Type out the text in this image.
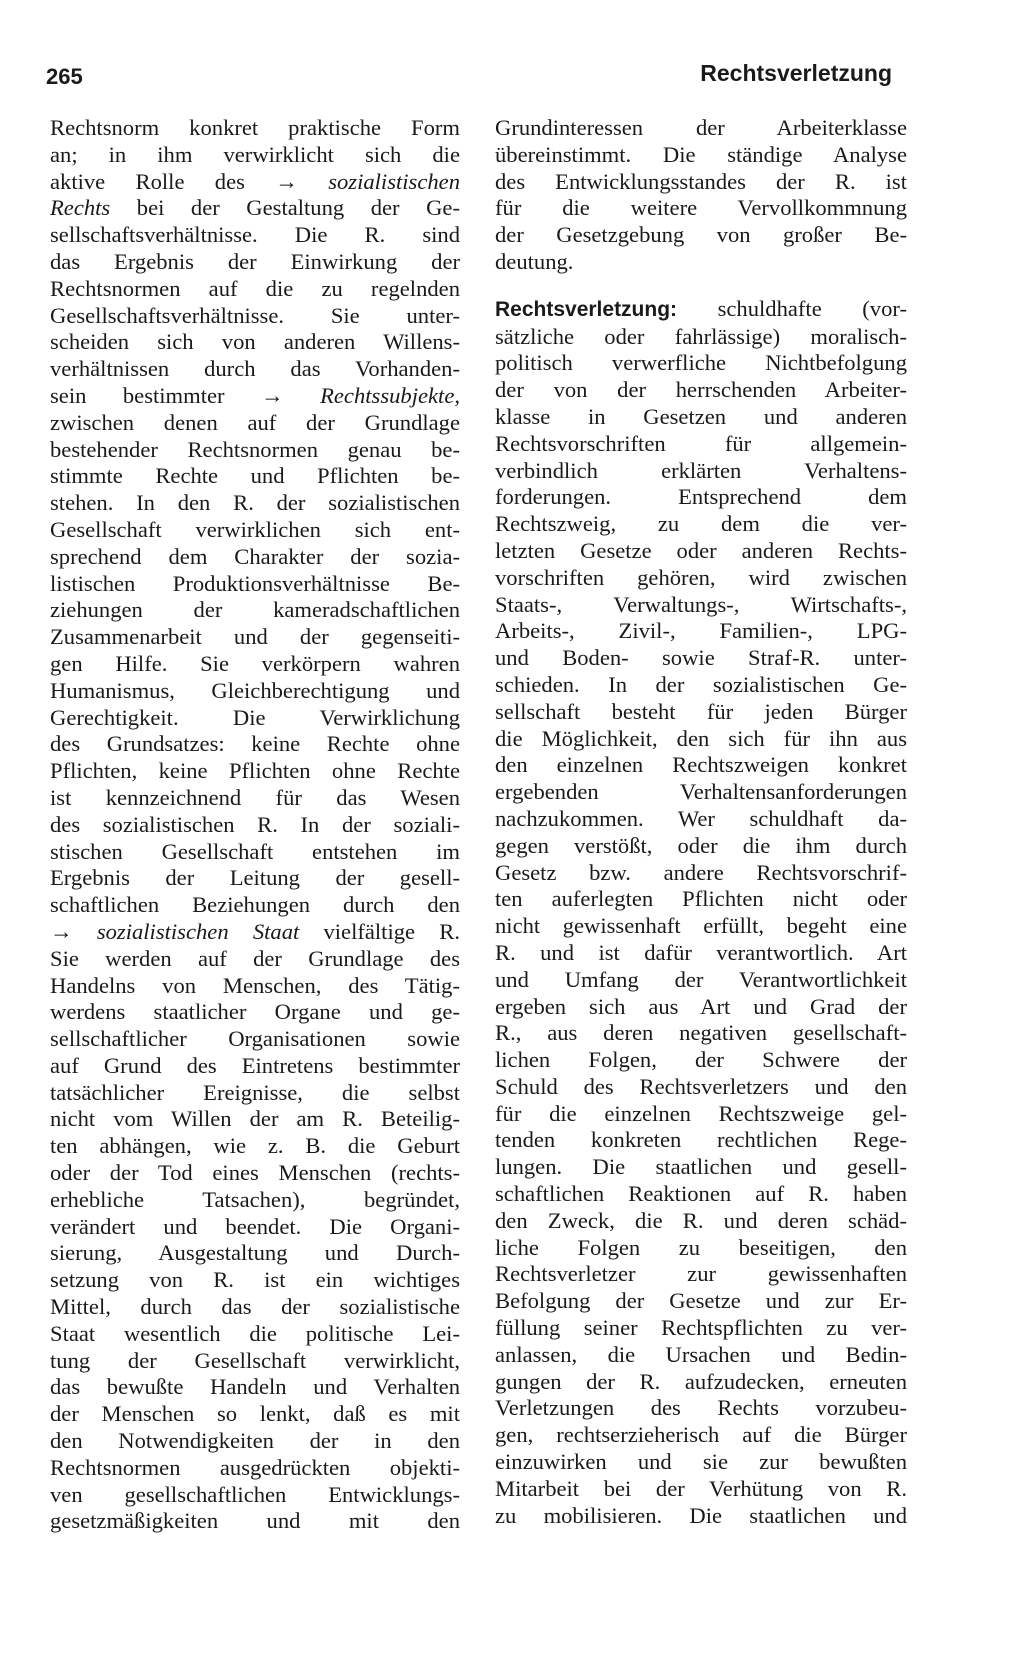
265	Rechtsverletzung

Rechtsnorm konkret praktische Form
an; in ihm verwirklicht sich die
aktive Rolle des → sozialistischen
Rechts bei der Gestaltung der Ge-
sellschaftsverhältnisse. Die R. sind
das Ergebnis der Einwirkung der
Rechtsnormen auf die zu regelnden
Gesellschaftsverhältnisse. Sie unter-
scheiden sich von anderen Willens-
verhältnissen durch das Vorhanden-
sein bestimmter → Rechtssubjekte,
zwischen denen auf der Grundlage
bestehender Rechtsnormen genau be-
stimmte Rechte und Pflichten be-
stehen. In den R. der sozialistischen
Gesellschaft verwirklichen sich ent-
sprechend dem Charakter der sozia-
listischen Produktionsverhältnisse Be-
ziehungen der kameradschaftlichen
Zusammenarbeit und der gegenseiti-
gen Hilfe. Sie verkörpern wahren
Humanismus, Gleichberechtigung und
Gerechtigkeit. Die Verwirklichung
des Grundsatzes: keine Rechte ohne
Pflichten, keine Pflichten ohne Rechte
ist kennzeichnend für das Wesen
des sozialistischen R. In der soziali-
stischen Gesellschaft entstehen im
Ergebnis der Leitung der gesell-
schaftlichen Beziehungen durch den
→ sozialistischen Staat vielfältige R.
Sie werden auf der Grundlage des
Handelns von Menschen, des Tätig-
werdens staatlicher Organe und ge-
sellschaftlicher Organisationen sowie
auf Grund des Eintretens bestimmter
tatsächlicher Ereignisse, die selbst
nicht vom Willen der am R. Beteilig-
ten abhängen, wie z. B. die Geburt
oder der Tod eines Menschen (rechts-
erhebliche Tatsachen), begründet,
verändert und beendet. Die Organi-
sierung, Ausgestaltung und Durch-
setzung von R. ist ein wichtiges
Mittel, durch das der sozialistische
Staat wesentlich die politische Lei-
tung der Gesellschaft verwirklicht,
das bewußte Handeln und Verhalten
der Menschen so lenkt, daß es mit
den Notwendigkeiten der in den
Rechtsnormen ausgedrückten objekti-
ven gesellschaftlichen Entwicklungs-
gesetzmäßigkeiten und mit den
Grundinteressen der Arbeiterklasse
übereinstimmt. Die ständige Analyse
des Entwicklungsstandes der R. ist
für die weitere Vervollkommnung
der Gesetzgebung von großer Be-
deutung.
Rechtsverletzung: schuldhafte (vor-
sätzliche oder fahrlässige) moralisch-
politisch verwerfliche Nichtbefolgung
der von der herrschenden Arbeiter-
klasse in Gesetzen und anderen
Rechtsvorschriften für allgemein-
verbindlich erklärten Verhaltens-
forderungen. Entsprechend dem
Rechtszweig, zu dem die ver-
letzten Gesetze oder anderen Rechts-
vorschriften gehören, wird zwischen
Staats-, Verwaltungs-, Wirtschafts-,
Arbeits-, Zivil-, Familien-, LPG-
und Boden- sowie Straf-R. unter-
schieden. In der sozialistischen Ge-
sellschaft besteht für jeden Bürger
die Möglichkeit, den sich für ihn aus
den einzelnen Rechtszweigen konkret
ergebenden Verhaltensanforderungen
nachzukommen. Wer schuldhaft da-
gegen verstößt, oder die ihm durch
Gesetz bzw. andere Rechtsvorschrif-
ten auferlegten Pflichten nicht oder
nicht gewissenhaft erfüllt, begeht eine
R. und ist dafür verantwortlich. Art
und Umfang der Verantwortlichkeit
ergeben sich aus Art und Grad der
R., aus deren negativen gesellschaft-
lichen Folgen, der Schwere der
Schuld des Rechtsverletzers und den
für die einzelnen Rechtszweige gel-
tenden konkreten rechtlichen Rege-
lungen. Die staatlichen und gesell-
schaftlichen Reaktionen auf R. haben
den Zweck, die R. und deren schäd-
liche Folgen zu beseitigen, den
Rechtsverletzer zur gewissenhaften
Befolgung der Gesetze und zur Er-
füllung seiner Rechtspflichten zu ver-
anlassen, die Ursachen und Bedin-
gungen der R. aufzudecken, erneuten
Verletzungen des Rechts vorzubeu-
gen, rechtserzieherisch auf die Bürger
einzuwirken und sie zur bewußten
Mitarbeit bei der Verhütung von R.
zu mobilisieren. Die staatlichen und
